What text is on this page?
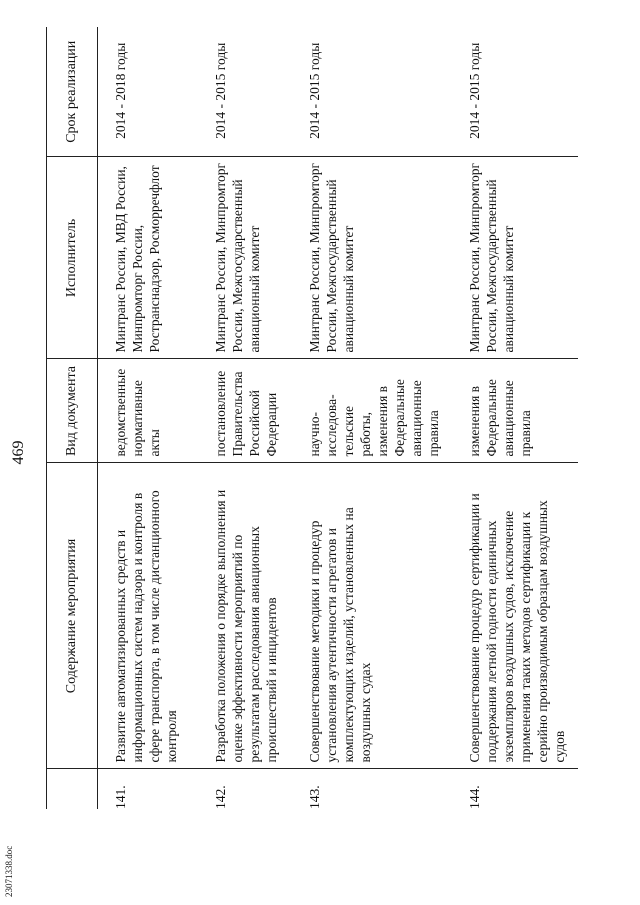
469
	Содержание мероприятия	Вид документа	Исполнитель	Срок реализации
141.	Развитие автоматизированных средств и информационных систем надзора и контроля в сфере транспорта, в том числе дистанционного контроля	ведомственные нормативные акты	Минтранс России, МВД России, Минпромторг России, Ространснадзор, Росморречфлот	2014 - 2018 годы
142.	Разработка положения о порядке выполнения и оценке эффективности мероприятий по результатам расследования авиационных происшествий и инцидентов	постановление Правительства Российской Федерации	Минтранс России, Минпромторг России, Межгосударственный авиационный комитет	2014 - 2015 годы
143.	Совершенствование методики и процедур установления аутентичности агрегатов и комплектующих изделий, установленных на воздушных судах	научно-исследова-тельские работы, изменения в Федеральные авиационные правила	Минтранс России, Минпромторг России, Межгосударственный авиационный комитет	2014 - 2015 годы
144.	Совершенствование процедур сертификации и поддержания летной годности единичных экземпляров воздушных судов, исключение применения таких методов сертификации к серийно производимым образцам воздушных судов	изменения в Федеральные авиационные правила	Минтранс России, Минпромторг России, Межгосударственный авиационный комитет	2014 - 2015 годы
23071338.doc
